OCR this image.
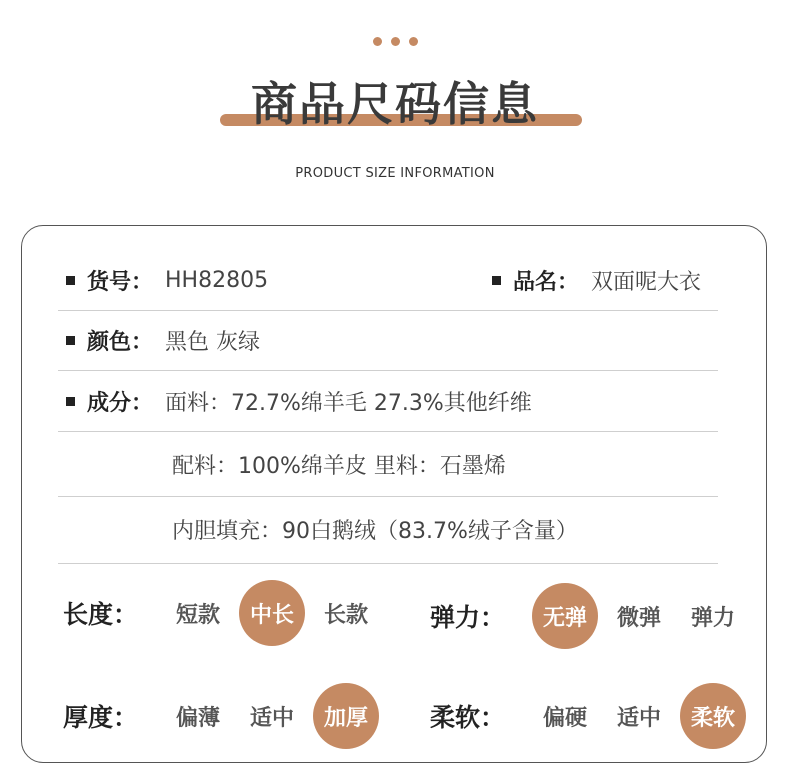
商品尺码信息
PRODUCT SIZE INFORMATION
货号： HH82805	品名： 双面呢大衣
颜色： 黑色 灰绿
成分： 面料：72.7%绵羊毛 27.3%其他纤维
配料：100%绵羊皮 里料：石墨烯
内胆填充：90白鹅绒（83.7%绒子含量）
长度：	短款	中长	长款	弹力：	无弹	微弹	弹力
厚度：	偏薄	适中	加厚	柔软：	偏硬	适中	柔软
